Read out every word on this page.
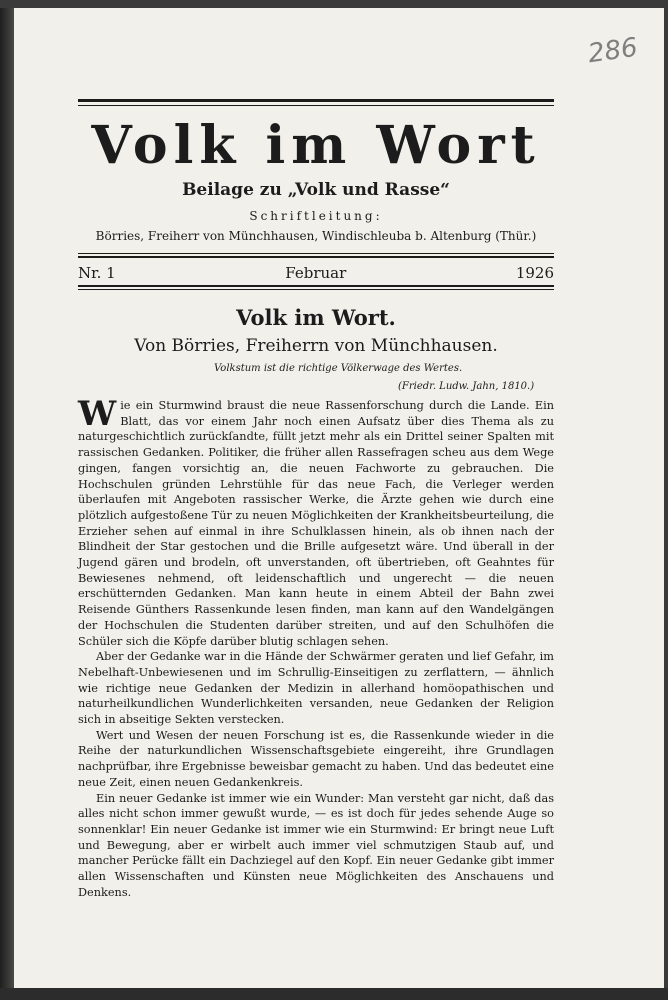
286
Volk im Wort
Beilage zu „Volk und Rasse“
Schriftleitung:
Börries, Freiherr von Münchhausen, Windischleuba b. Altenburg (Thür.)
Nr. 1	Februar	1926
Volk im Wort.
Von Börries, Freiherrn von Münchhausen.
Volkstum ist die richtige Völkerwage des Wertes.
(Friedr. Ludw. Jahn, 1810.)

Wie ein Sturmwind braust die neue Rassenforschung durch die Lande. Ein Blatt, das vor einem Jahr noch einen Aufsatz über dies Thema als zu naturgeschichtlich zurückſandte, füllt jetzt mehr als ein Drittel seiner Spalten mit rassischen Gedanken. Politiker, die früher allen Rassefragen scheu aus dem Wege gingen, fangen vorsichtig an, die neuen Fachworte zu gebrauchen. Die Hochschulen gründen Lehrstühle für das neue Fach, die Verleger werden überlaufen mit Angeboten rassischer Werke, die Ärzte gehen wie durch eine plötzlich aufgestoßene Tür zu neuen Möglichkeiten der Krankheitsbeurteilung, die Erzieher sehen auf einmal in ihre Schulklassen hinein, als ob ihnen nach der Blindheit der Star gestochen und die Brille aufgesetzt wäre. Und überall in der Jugend gären und brodeln, oft unverstanden, oft übertrieben, oft Geahntes für Bewiesenes nehmend, oft leidenschaftlich und ungerecht — die neuen erschütternden Gedanken. Man kann heute in einem Abteil der Bahn zwei Reisende Günthers Rassenkunde lesen finden, man kann auf den Wandelgängen der Hochschulen die Studenten darüber streiten, und auf den Schulhöfen die Schüler sich die Köpfe darüber blutig schlagen sehen.

Aber der Gedanke war in die Hände der Schwärmer geraten und lief Gefahr, im Nebelhaft-Unbewiesenen und im Schrullig-Einseitigen zu zerflattern, — ähnlich wie richtige neue Gedanken der Medizin in allerhand homöopathischen und naturheilkundlichen Wunderlichkeiten versanden, neue Gedanken der Religion sich in abseitige Sekten verstecken.

Wert und Wesen der neuen Forschung ist es, die Rassenkunde wieder in die Reihe der naturkundlichen Wissenschaftsgebiete eingereiht, ihre Grundlagen nachprüfbar, ihre Ergebnisse beweisbar gemacht zu haben. Und das bedeutet eine neue Zeit, einen neuen Gedankenkreis.

Ein neuer Gedanke ist immer wie ein Wunder: Man versteht gar nicht, daß das alles nicht schon immer gewußt wurde, — es ist doch für jedes sehende Auge so sonnenklar! Ein neuer Gedanke ist immer wie ein Sturmwind: Er bringt neue Luft und Bewegung, aber er wirbelt auch immer viel schmutzigen Staub auf, und mancher Perücke fällt ein Dachziegel auf den Kopf. Ein neuer Gedanke gibt immer allen Wissenschaften und Künsten neue Möglichkeiten des Anschauens und Denkens.
